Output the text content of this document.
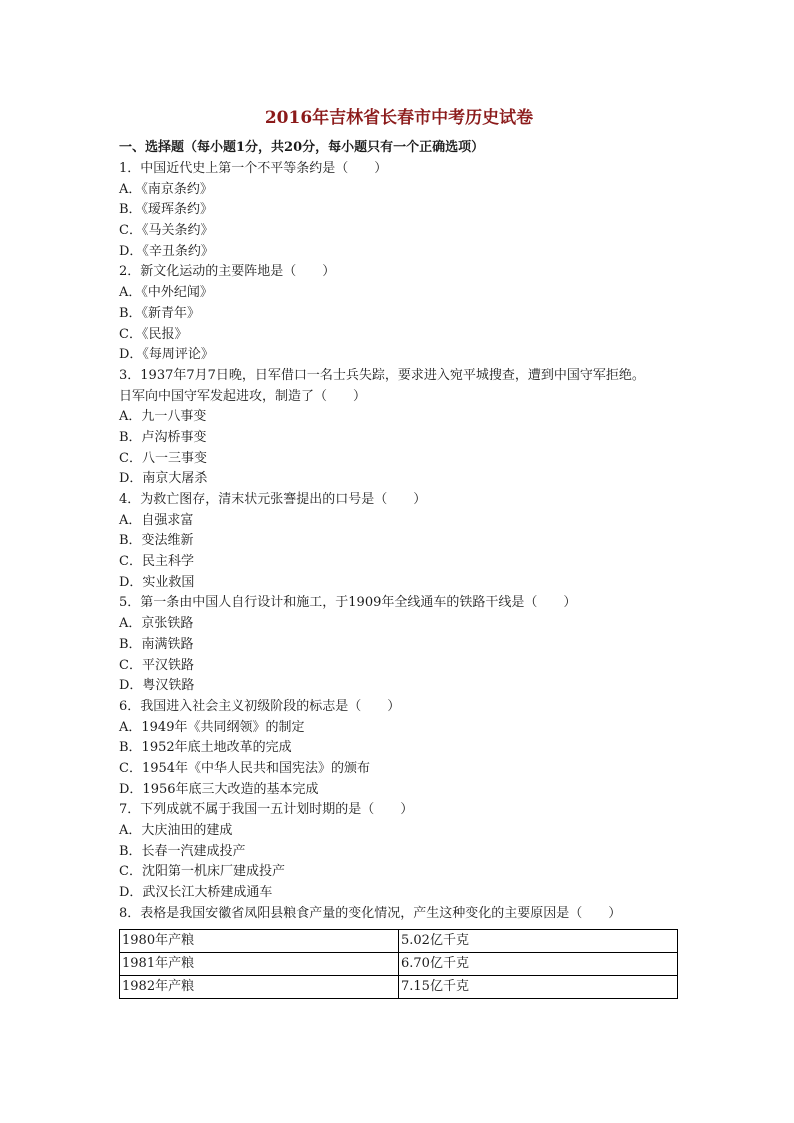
2016年吉林省长春市中考历史试卷
一、选择题（每小题1分，共20分，每小题只有一个正确选项）
1．中国近代史上第一个不平等条约是（　　）
A．《南京条约》
B．《瑷珲条约》
C．《马关条约》
D．《辛丑条约》
2．新文化运动的主要阵地是（　　）
A．《中外纪闻》
B．《新青年》
C．《民报》
D．《每周评论》
3．1937年7月7日晚，日军借口一名士兵失踪，要求进入宛平城搜查，遭到中国守军拒绝。
日军向中国守军发起进攻，制造了（　　）
A．九一八事变
B．卢沟桥事变
C．八一三事变
D．南京大屠杀
4．为救亡图存，清末状元张謇提出的口号是（　　）
A．自强求富
B．变法维新
C．民主科学
D．实业救国
5．第一条由中国人自行设计和施工，于1909年全线通车的铁路干线是（　　）
A．京张铁路
B．南满铁路
C．平汉铁路
D．粤汉铁路
6．我国进入社会主义初级阶段的标志是（　　）
A．1949年《共同纲领》的制定
B．1952年底土地改革的完成
C．1954年《中华人民共和国宪法》的颁布
D．1956年底三大改造的基本完成
7．下列成就不属于我国一五计划时期的是（　　）
A．大庆油田的建成
B．长春一汽建成投产
C．沈阳第一机床厂建成投产
D．武汉长江大桥建成通车
8．表格是我国安徽省凤阳县粮食产量的变化情况，产生这种变化的主要原因是（　　）
1980年产粮	5.02亿千克
1981年产粮	6.70亿千克
1982年产粮	7.15亿千克
